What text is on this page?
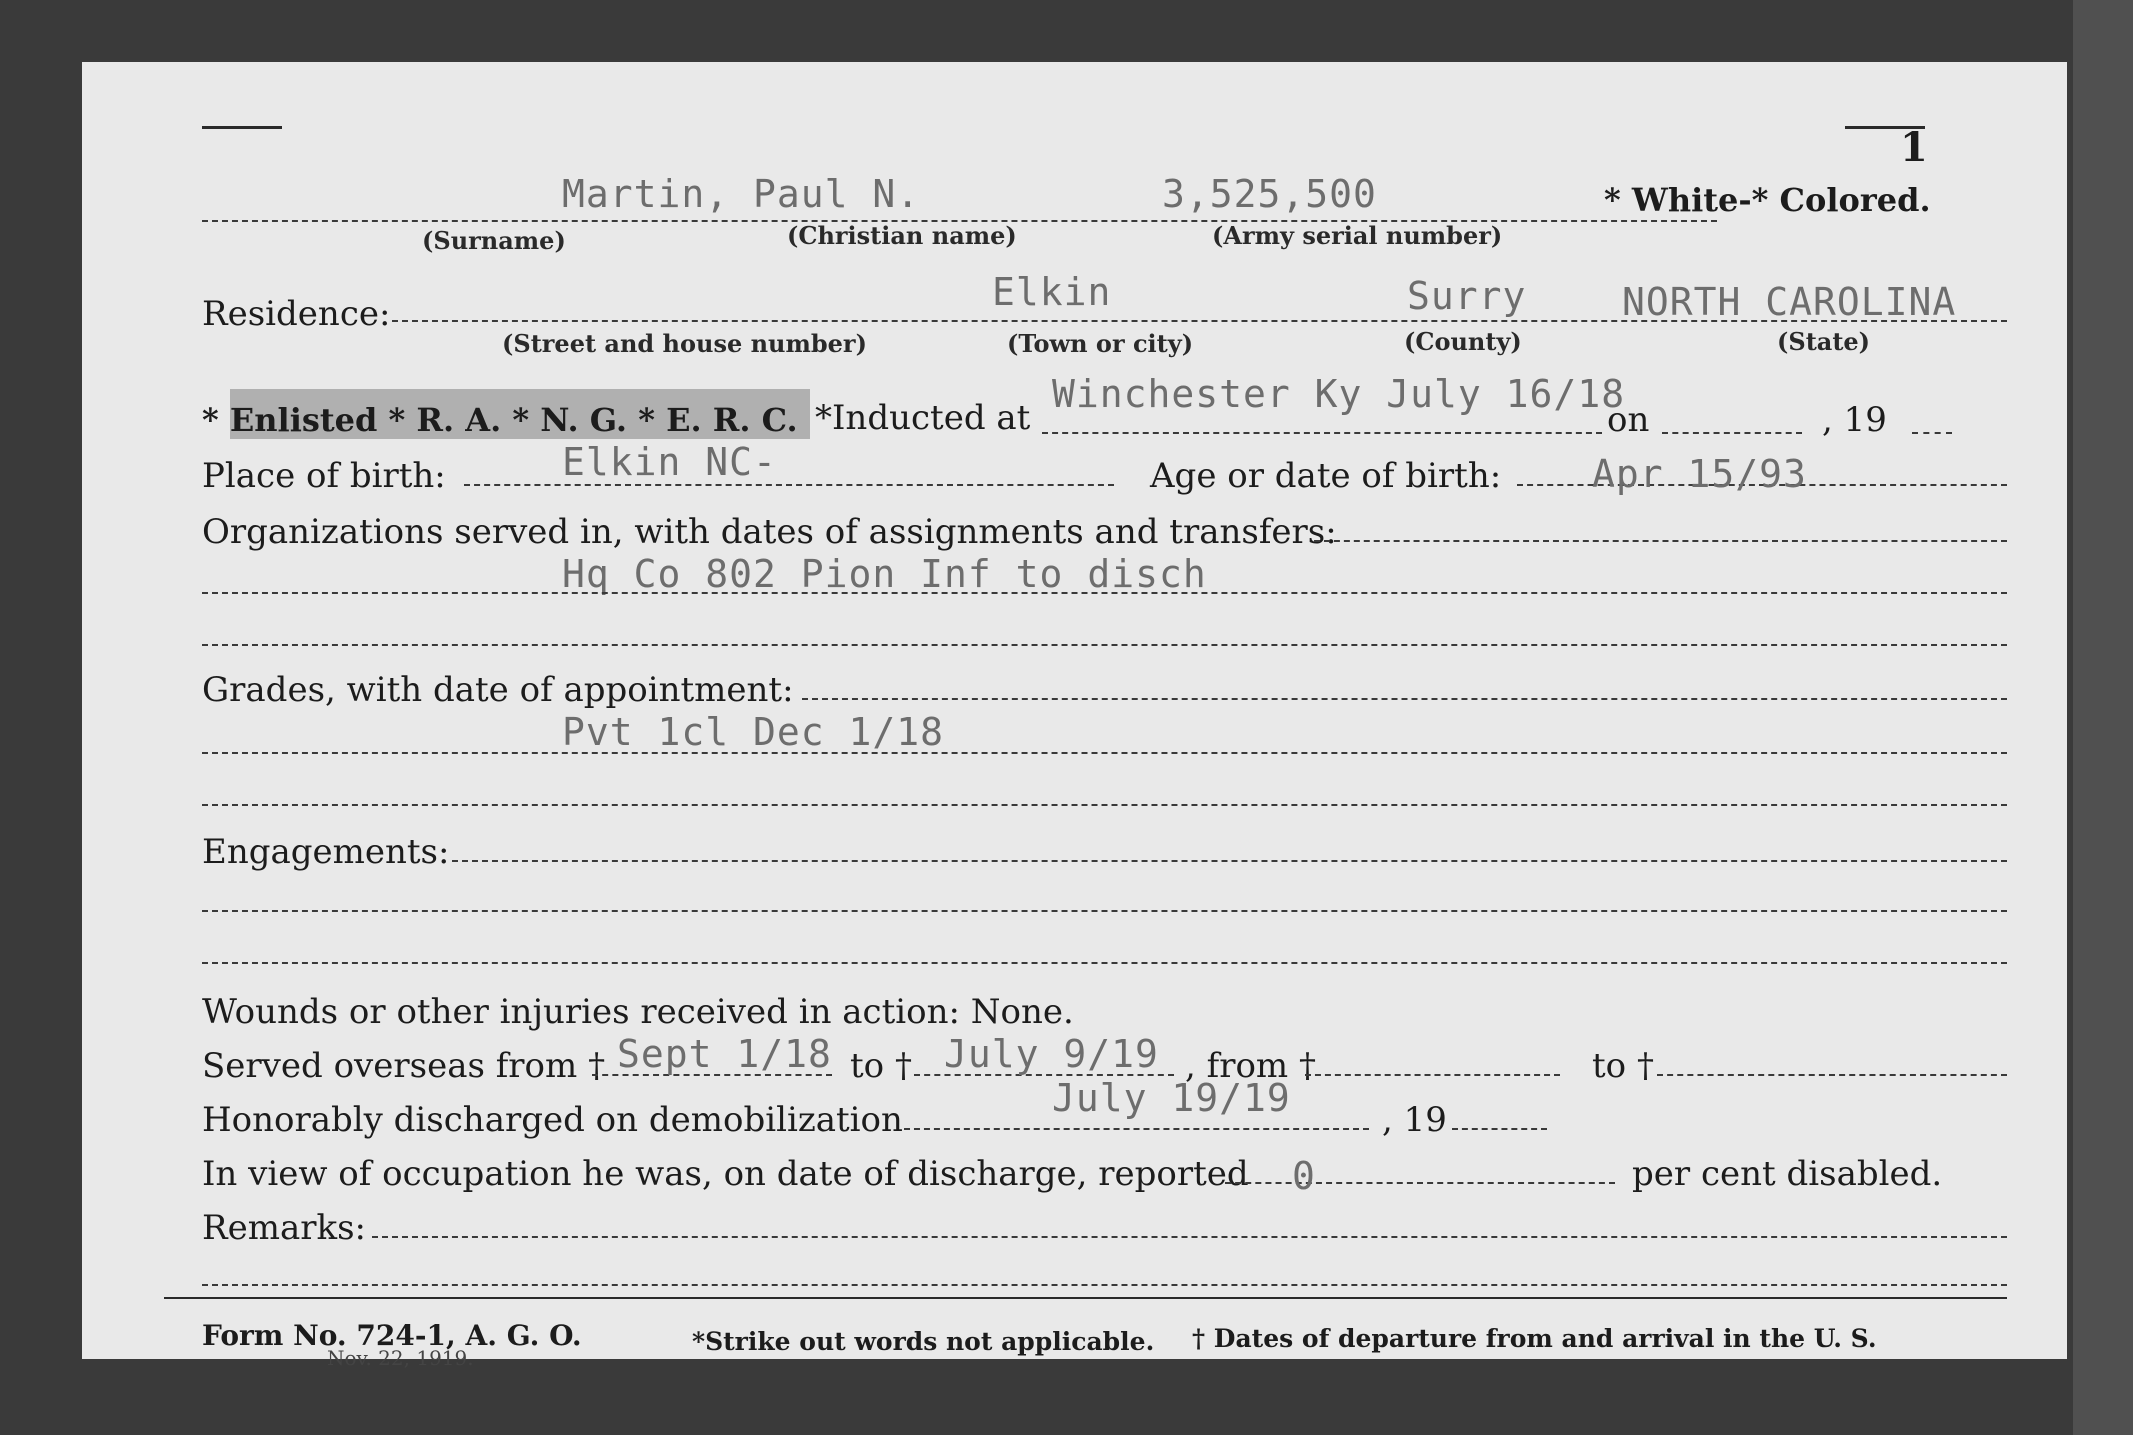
1
Martin, Paul N.	3,525,500	* White-* Colored.
(Surname)	(Christian name)	(Army serial number)
Residence:	Elkin	Surry	NORTH CAROLINA
(Street and house number)	(Town or city)	(County)	(State)
* Enlisted * R. A. * N. G. * E. R. C. *Inducted at
Winchester Ky July 16/18
on	, 19
Place of birth:	Elkin NC-	Age or date of birth: Apr 15/93
Organizations served in, with dates of assignments and transfers:
Hq Co 802 Pion Inf to disch
Grades, with date of appointment:
Pvt 1cl Dec 1/18
Engagements:
Wounds or other injuries received in action: None.
Served overseas from † Sept 1/18 to † July 9/19 , from †	to †
Honorably discharged on demobilization	July 19/19	, 19
In view of occupation he was, on date of discharge, reported 0	per cent disabled.
Remarks:
Form No. 724-1, A. G. O.
Nov. 22, 1919.
*Strike out words not applicable. † Dates of departure from and arrival in the U. S.
